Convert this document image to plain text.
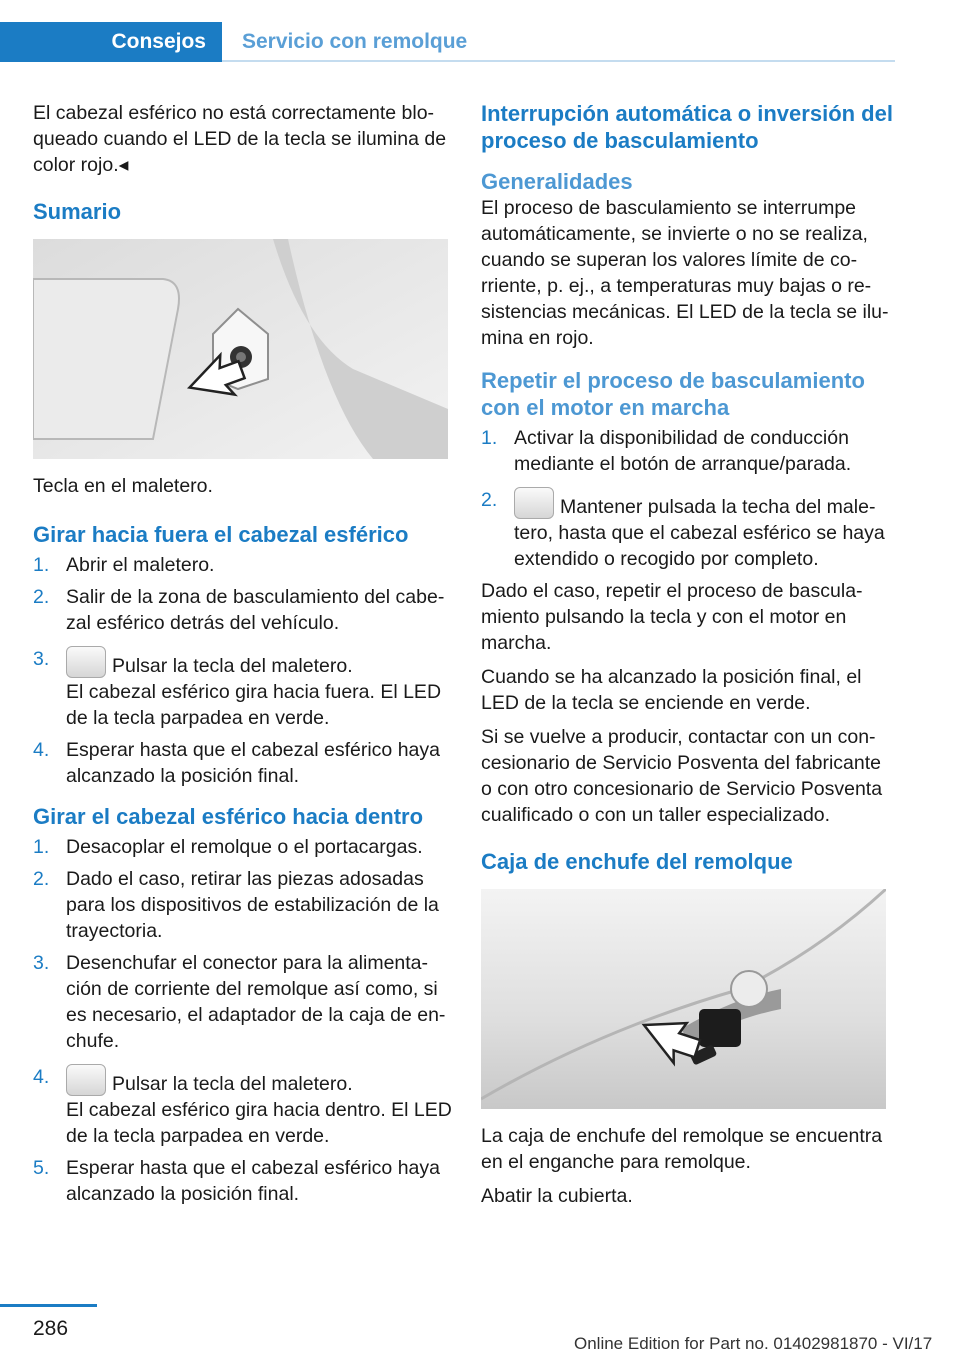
Consejos	Servicio con remolque

El cabezal esférico no está correctamente blo- queado cuando el LED de la tecla se ilumina de color rojo.◂

Sumario

Tecla en el maletero.

Girar hacia fuera el cabezal esférico
1. Abrir el maletero.
2. Salir de la zona de basculamiento del cabe- zal esférico detrás del vehículo.
3.	Pulsar la tecla del maletero.
El cabezal esférico gira hacia fuera. El LED de la tecla parpadea en verde.
4. Esperar hasta que el cabezal esférico haya alcanzado la posición final.
Girar el cabezal esférico hacia dentro
1. Desacoplar el remolque o el portacargas.
2. Dado el caso, retirar las piezas adosadas para los dispositivos de estabilización de la trayectoria.
3. Desenchufar el conector para la alimenta- ción de corriente del remolque así como, si es necesario, el adaptador de la caja de en- chufe.
4.	Pulsar la tecla del maletero.
El cabezal esférico gira hacia dentro. El LED de la tecla parpadea en verde.
5. Esperar hasta que el cabezal esférico haya alcanzado la posición final.
Interrupción automática o inversión del proceso de basculamiento
Generalidades

El proceso de basculamiento se interrumpe automáticamente, se invierte o no se realiza, cuando se superan los valores límite de co- rriente, p. ej., a temperaturas muy bajas o re- sistencias mecánicas. El LED de la tecla se ilu- mina en rojo.

Repetir el proceso de basculamiento con el motor en marcha
1. Activar la disponibilidad de conducción mediante el botón de arranque/parada.
2.	Mantener pulsada la techa del male- tero, hasta que el cabezal esférico se haya extendido o recogido por completo.

Dado el caso, repetir el proceso de bascula- miento pulsando la tecla y con el motor en marcha.

Cuando se ha alcanzado la posición final, el LED de la tecla se enciende en verde.

Si se vuelve a producir, contactar con un con- cesionario de Servicio Posventa del fabricante o con otro concesionario de Servicio Posventa cualificado o con un taller especializado.

Caja de enchufe del remolque

La caja de enchufe del remolque se encuentra en el enganche para remolque.

Abatir la cubierta.

286
Online Edition for Part no. 01402981870 - VI/17
